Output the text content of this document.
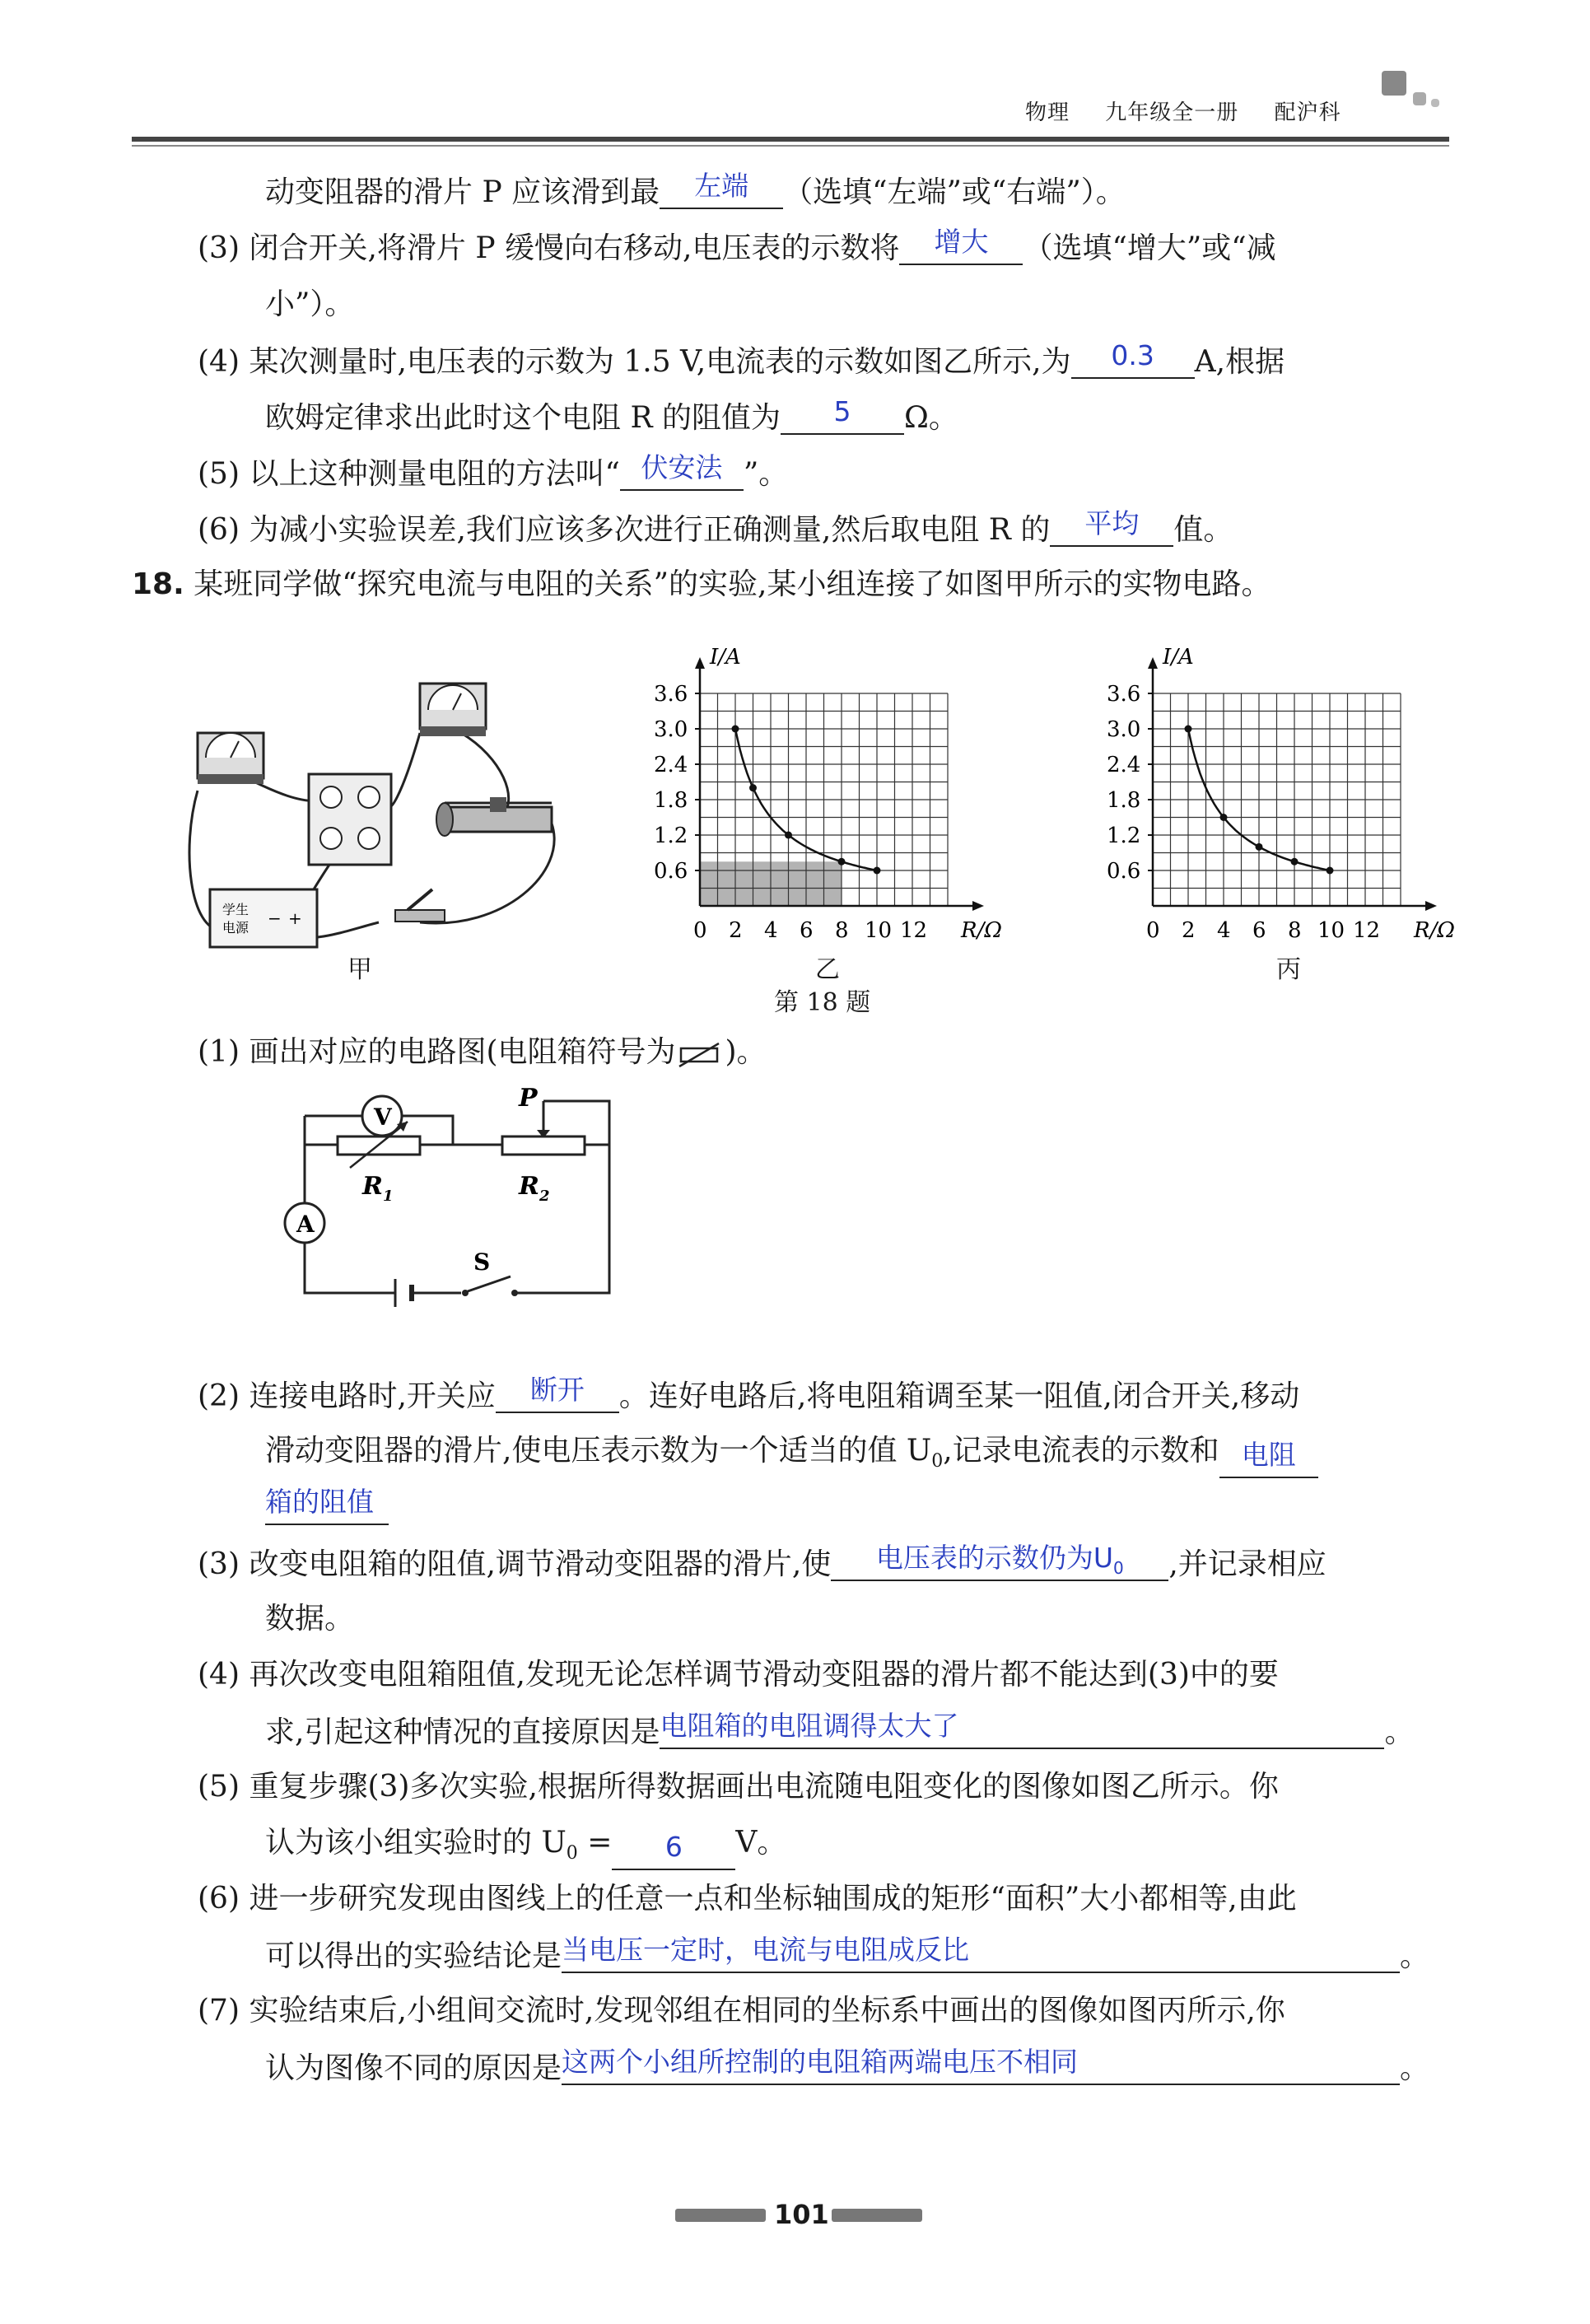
物理 九年级全一册 配沪科
动变阻器的滑片 P 应该滑到最 左端 （选填“左端”或“右端”）。
(3) 闭合开关,将滑片 P 缓慢向右移动,电压表的示数将 增大 （选填“增大”或“减
小”）。
(4) 某次测量时,电压表的示数为 1.5 V,电流表的示数如图乙所示,为 0.3 A,根据
欧姆定律求出此时这个电阻 R 的阻值为 5 Ω。
(5) 以上这种测量电阻的方法叫“ 伏安法 ”。
(6) 为减小实验误差,我们应该多次进行正确测量,然后取电阻 R 的 平均 值。
18. 某班同学做“探究电流与电阻的关系”的实验,某小组连接了如图甲所示的实物电路。
学生
电源 − +
甲
I/A
R/Ω
0 2 4 6 8 10 12
0.6
1.2
1.8
2.4
3.0
3.6
乙
I/A
R/Ω
0 2 4 6 8 10 12
0.6
1.2
1.8
2.4
3.0
3.6
丙
第 18 题
(1) 画出对应的电路图(电阻箱符号为 )。
V
A
$R_1$
P
$R_2$
S
(2) 连接电路时,开关应 断开 。连好电路后,将电阻箱调至某一阻值,闭合开关,移动
滑动变阻器的滑片,使电压表示数为一个适当的值 $U_0$,记录电流表的示数和 电阻
箱的阻值
(3) 改变电阻箱的阻值,调节滑动变阻器的滑片,使 电压表的示数仍为$U_0$ ,并记录相应
数据。
(4) 再次改变电阻箱阻值,发现无论怎样调节滑动变阻器的滑片都不能达到(3)中的要
求,引起这种情况的直接原因是电阻箱的电阻调得太大了	。
(5) 重复步骤(3)多次实验,根据所得数据画出电流随电阻变化的图像如图乙所示。你
认为该小组实验时的 $U_0 = 6$ V。
(6) 进一步研究发现由图线上的任意一点和坐标轴围成的矩形“面积”大小都相等,由此
可以得出的实验结论是当电压一定时，电流与电阻成反比	。
(7) 实验结束后,小组间交流时,发现邻组在相同的坐标系中画出的图像如图丙所示,你
认为图像不同的原因是这两个小组所控制的电阻箱两端电压不相同	。
101
